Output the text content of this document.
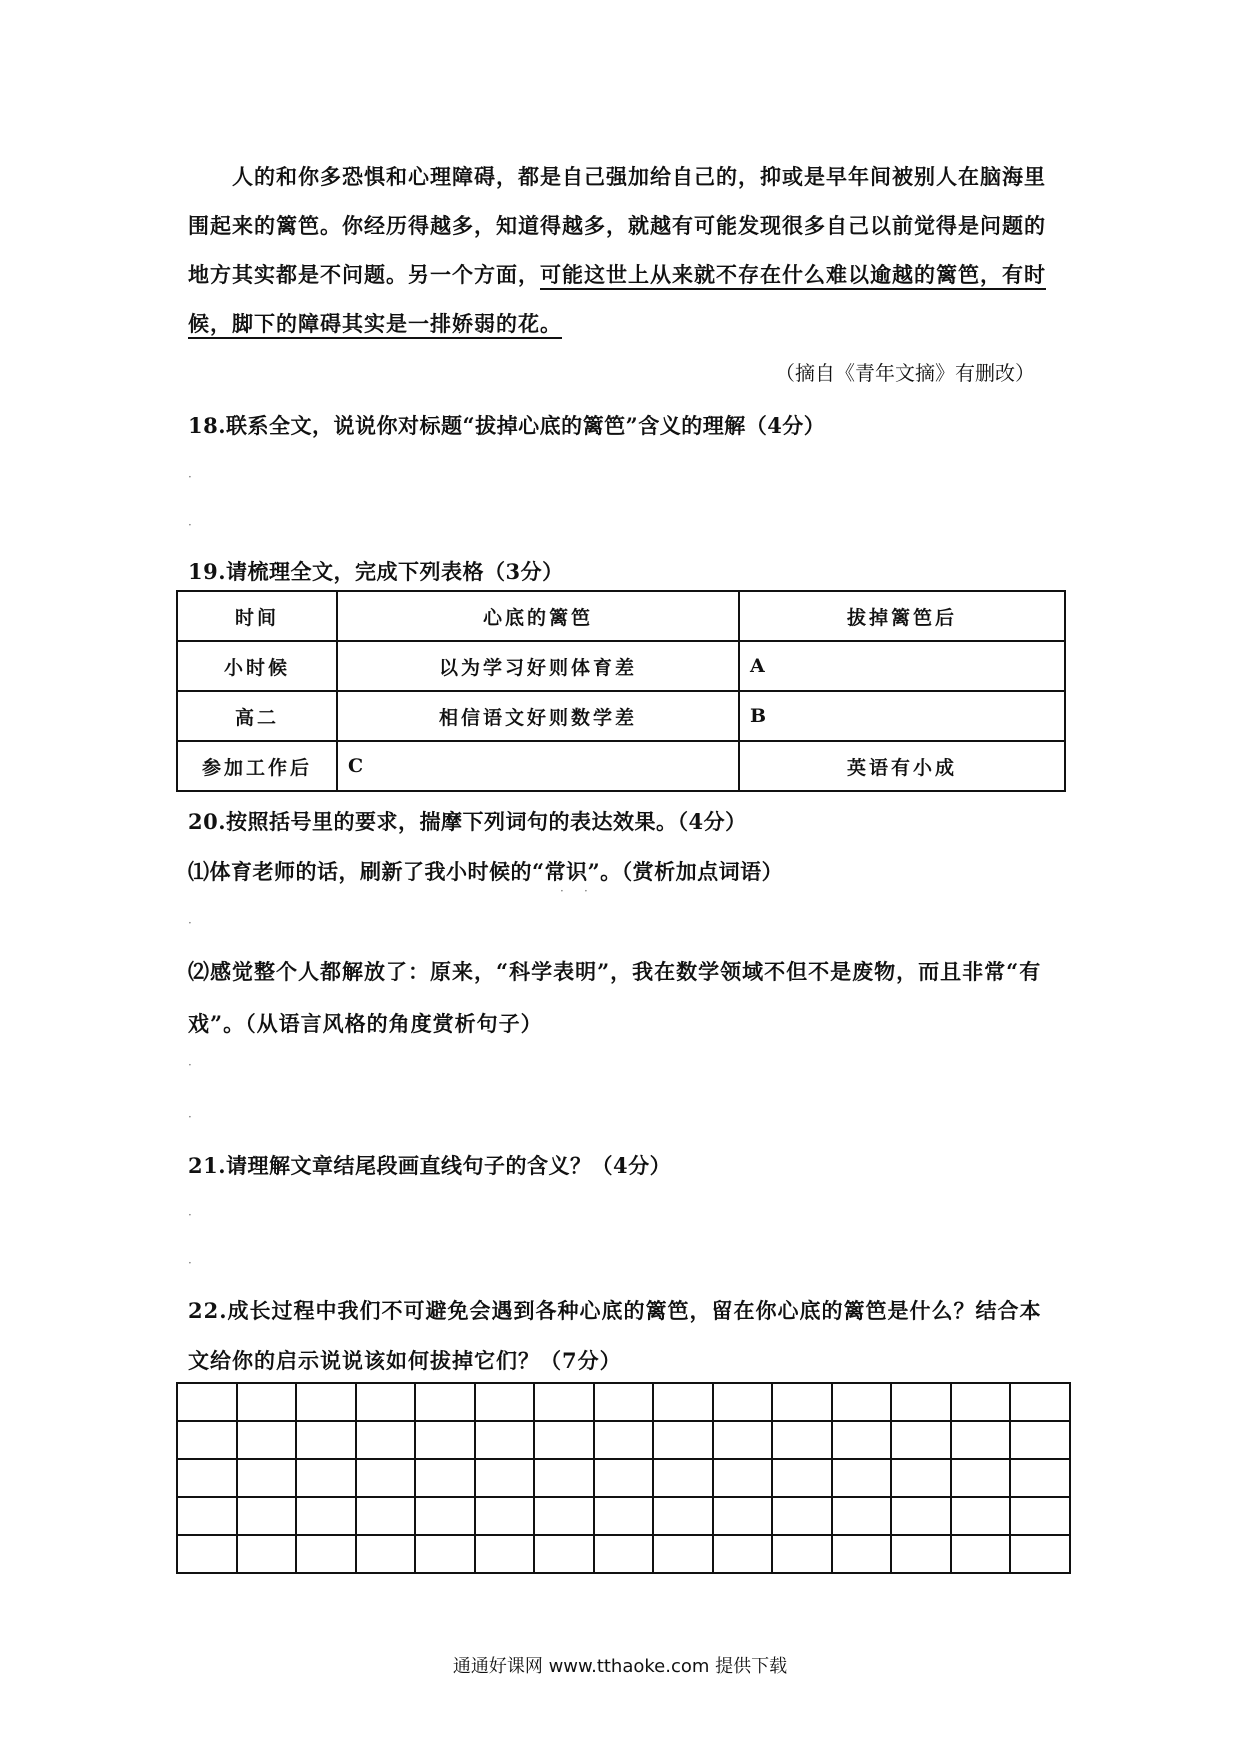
人的和你多恐惧和心理障碍，都是自己强加给自己的，抑或是早年间被别人在脑海里围起来的篱笆。你经历得越多，知道得越多，就越有可能发现很多自己以前觉得是问题的地方其实都是不问题。另一个方面，可能这世上从来就不存在什么难以逾越的篱笆，有时候，脚下的障碍其实是一排娇弱的花。
（摘自《青年文摘》有删改）
18.联系全文，说说你对标题“拔掉心底的篱笆”含义的理解（4分）
·
·
19.请梳理全文，完成下列表格（3分）
时间	心底的篱笆	拔掉篱笆后
小时候	以为学习好则体育差	A
高二	相信语文好则数学差	B
参加工作后	C	英语有小成
20.按照括号里的要求，揣摩下列词句的表达效果。（4分）
⑴体育老师的话，刷新了我小时候的“常识”。（赏析加点词语）
· ·
·
⑵感觉整个人都解放了：原来，“科学表明”，我在数学领域不但不是废物，而且非常“有戏”。（从语言风格的角度赏析句子）
·
·
21.请理解文章结尾段画直线句子的含义？（4分）
·
·
22.成长过程中我们不可避免会遇到各种心底的篱笆，留在你心底的篱笆是什么？结合本文给你的启示说说该如何拔掉它们？（7分）

通通好课网 www.tthaoke.com 提供下载
